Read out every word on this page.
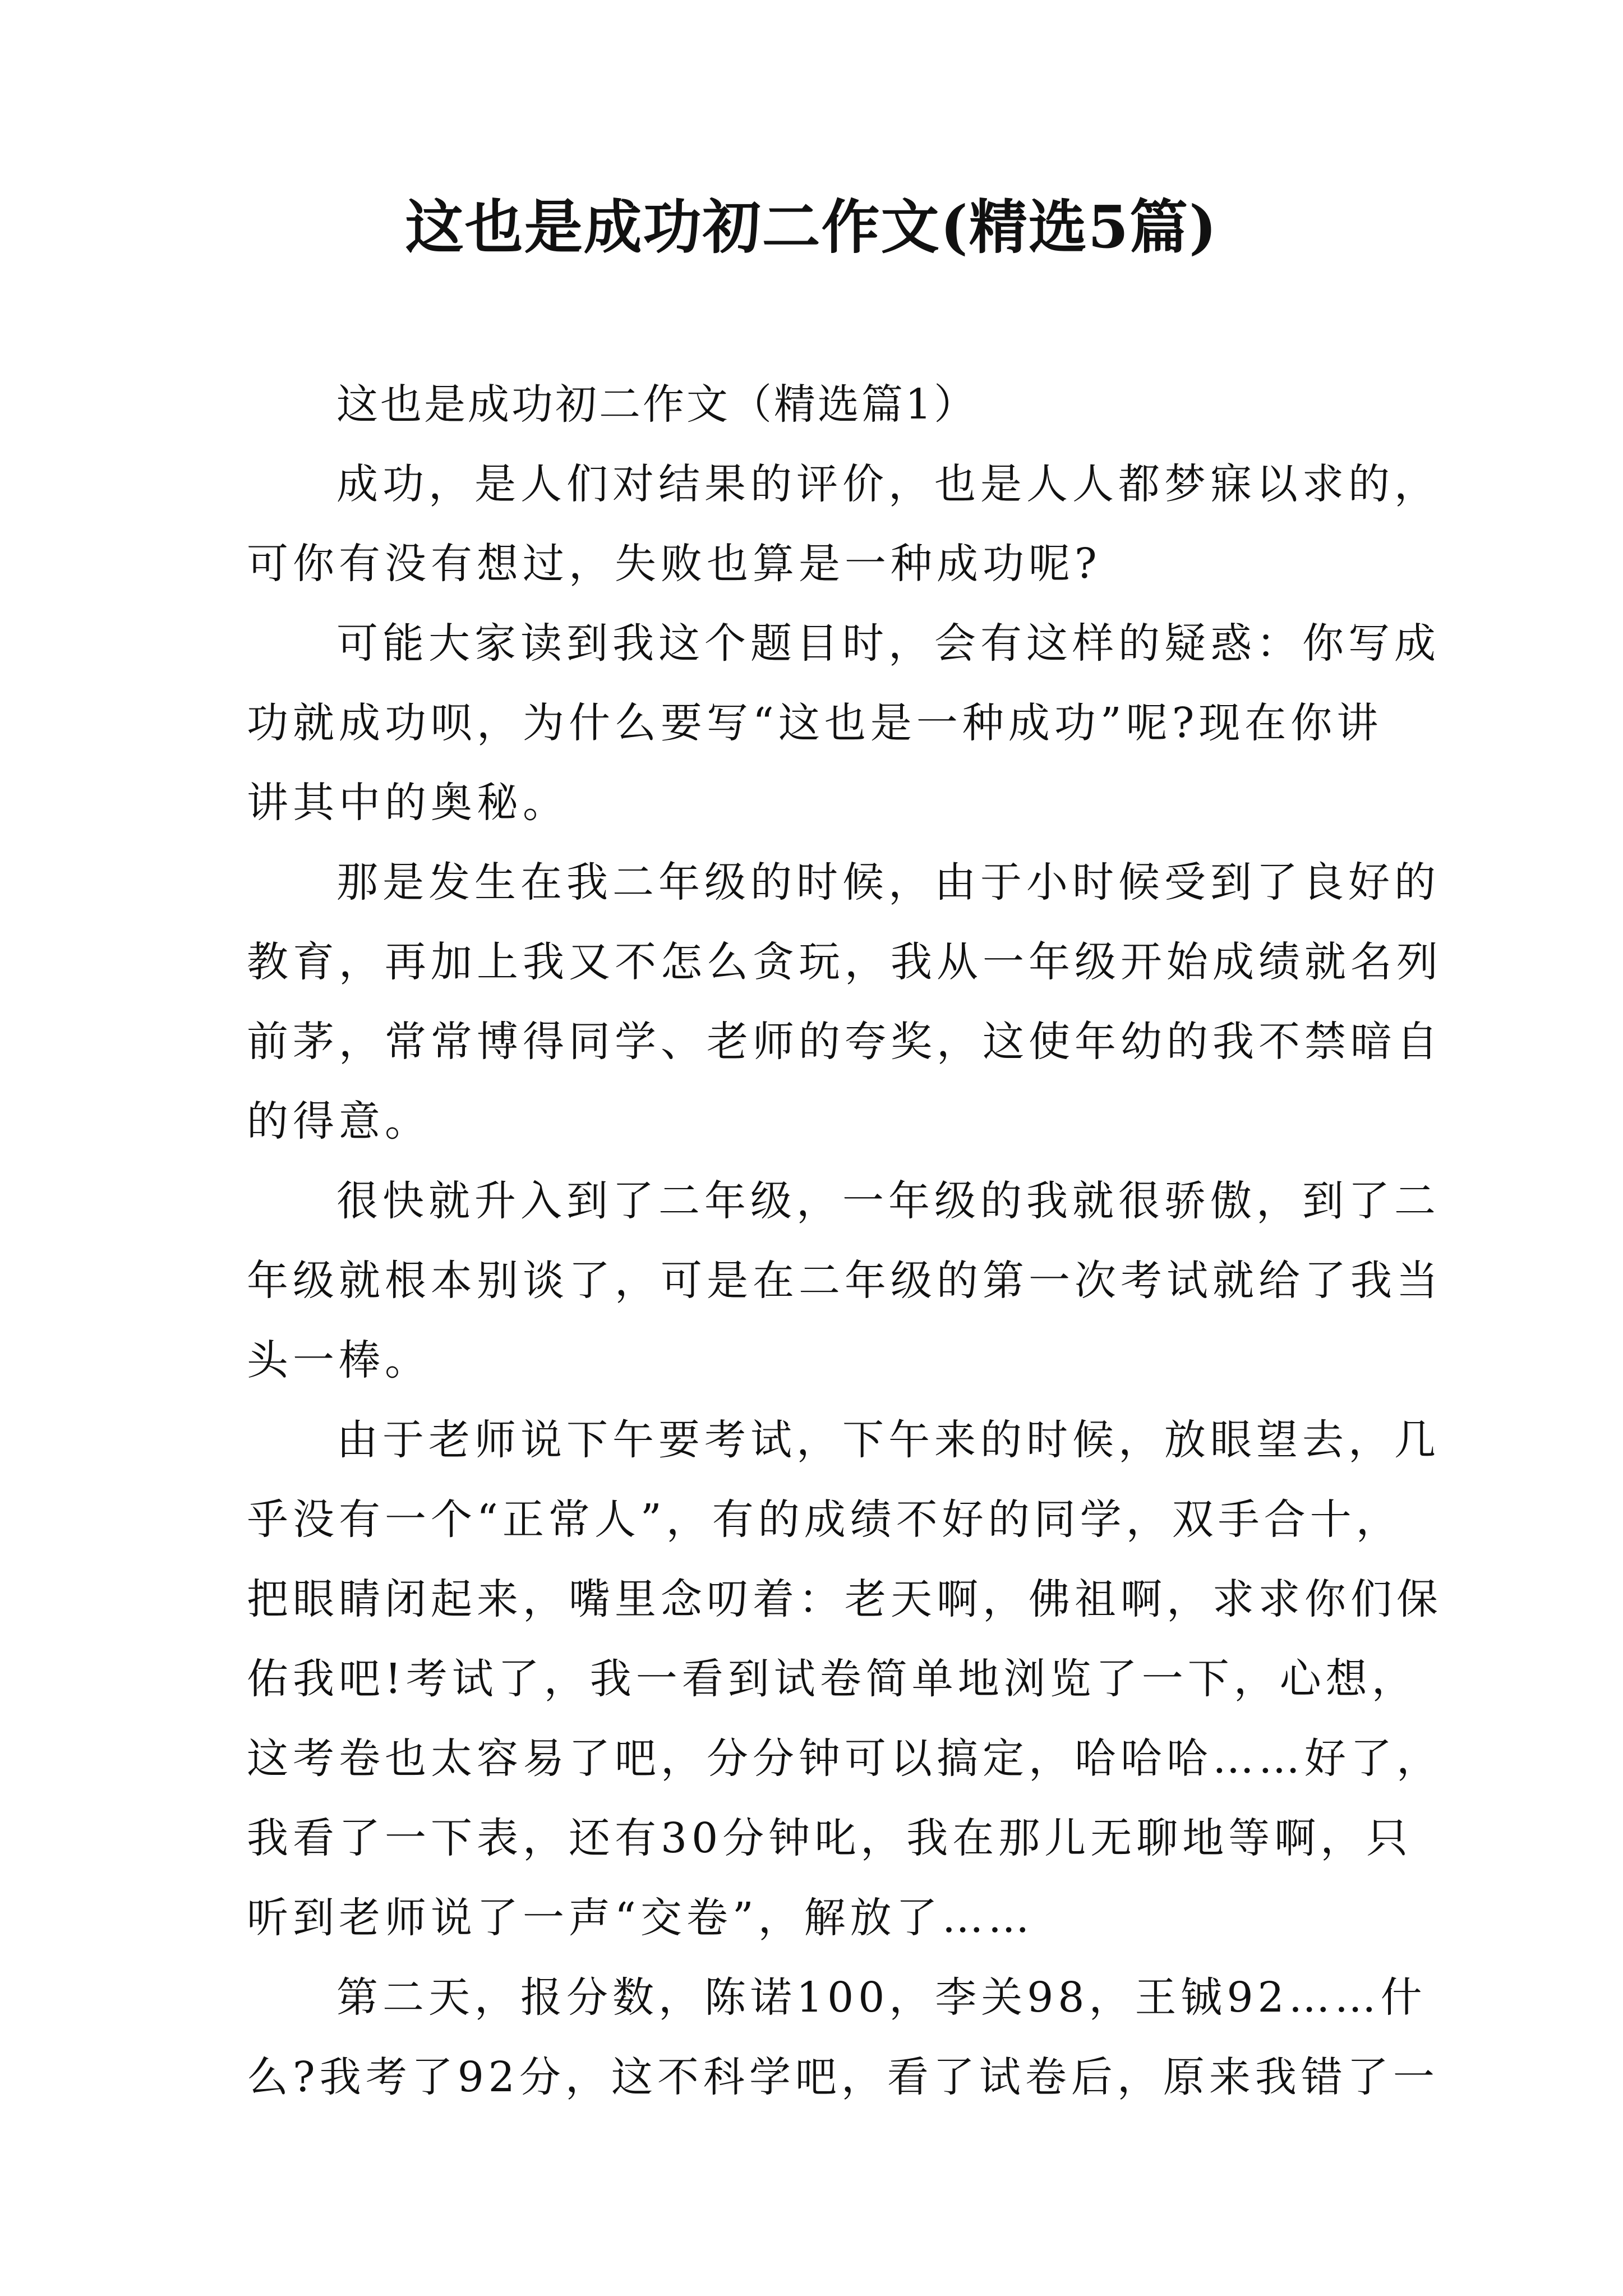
这也是成功初二作文(精选5篇)
这也是成功初二作文（精选篇1）
成 功 ， 是 人 们 对 结 果 的 评 价 ， 也 是 人 人 都 梦 寐 以 求 的 ，
可你有没有想过，失败也算是一种成功呢?
可 能 大 家 读 到 我 这 个 题 目 时 ， 会 有 这 样 的 疑 惑 ： 你 写 成
功 就 成 功 呗 ， 为 什 么 要 写 “ 这 也 是 一 种 成 功 ” 呢 ? 现 在 你 讲
讲其中的奥秘。
那 是 发 生 在 我 二 年 级 的 时 候 ， 由 于 小 时 候 受 到 了 良 好 的
教 育 ， 再 加 上 我 又 不 怎 么 贪 玩 ， 我 从 一 年 级 开 始 成 绩 就 名 列
前 茅 ， 常 常 博 得 同 学 、 老 师 的 夸 奖 ， 这 使 年 幼 的 我 不 禁 暗 自
的得意。
很 快 就 升 入 到 了 二 年 级 ， 一 年 级 的 我 就 很 骄 傲 ， 到 了 二
年 级 就 根 本 别 谈 了 ， 可 是 在 二 年 级 的 第 一 次 考 试 就 给 了 我 当
头一棒。
由 于 老 师 说 下 午 要 考 试 ， 下 午 来 的 时 候 ， 放 眼 望 去 ， 几
乎 没 有 一 个 “ 正 常 人 ” ， 有 的 成 绩 不 好 的 同 学 ， 双 手 合 十 ，
把 眼 睛 闭 起 来 ， 嘴 里 念 叨 着 ： 老 天 啊 ， 佛 祖 啊 ， 求 求 你 们 保
佑 我 吧 ! 考 试 了 ， 我 一 看 到 试 卷 简 单 地 浏 览 了 一 下 ， 心 想 ，
这 考 卷 也 太 容 易 了 吧 ， 分 分 钟 可 以 搞 定 ， 哈 哈 哈 … … 好 了 ，
我 看 了 一 下 表 ， 还 有 3 0 分 钟 叱 ， 我 在 那 儿 无 聊 地 等 啊 ， 只
听到老师说了一声“交卷”，解放了……
第 二 天 ， 报 分 数 ， 陈 诺 1 0 0 ， 李 关 9 8 ， 王 铖 9 2 … … 什
么 ? 我 考 了 9 2 分 ， 这 不 科 学 吧 ， 看 了 试 卷 后 ， 原 来 我 错 了 一
